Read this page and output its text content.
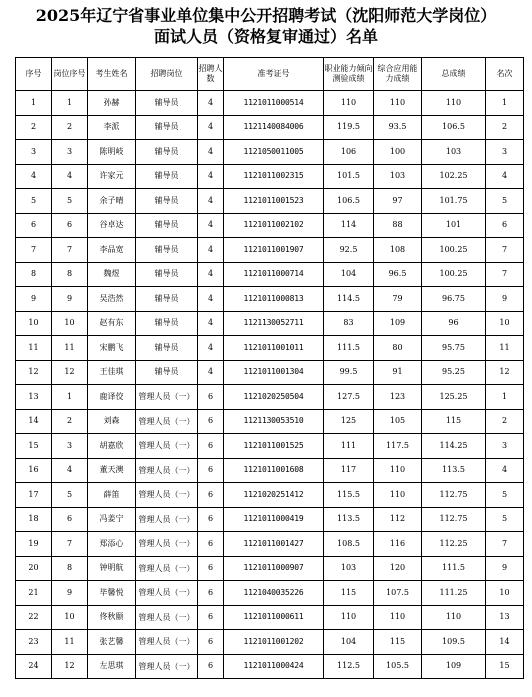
2025年辽宁省事业单位集中公开招聘考试（沈阳师范大学岗位）
面试人员（资格复审通过）名单
序号	岗位序号	考生姓名	招聘岗位	招聘人数	准考证号	职业能力倾向测验成绩	综合应用能力成绩	总成绩	名次
1	1	孙赫	辅导员	4	1121011000514	110	110	110	1
2	2	李派	辅导员	4	1121140084006	119.5	93.5	106.5	2
3	3	陈明岐	辅导员	4	1121050011005	106	100	103	3
4	4	许家元	辅导员	4	1121011002315	101.5	103	102.25	4
5	5	余子晴	辅导员	4	1121011001523	106.5	97	101.75	5
6	6	谷卓达	辅导员	4	1121011002102	114	88	101	6
7	7	李品宽	辅导员	4	1121011001907	92.5	108	100.25	7
8	8	魏煜	辅导员	4	1121011000714	104	96.5	100.25	7
9	9	吴浩然	辅导员	4	1121011000813	114.5	79	96.75	9
10	10	赵有东	辅导员	4	1121130052711	83	109	96	10
11	11	宋鹏飞	辅导员	4	1121011001011	111.5	80	95.75	11
12	12	王佳琪	辅导员	4	1121011001304	99.5	91	95.25	12
13	1	鹿译佼	管理人员（一）	6	1121020250504	127.5	123	125.25	1
14	2	刘森	管理人员（一）	6	1121130053510	125	105	115	2
15	3	胡嘉欣	管理人员（一）	6	1121011001525	111	117.5	114.25	3
16	4	董天澳	管理人员（一）	6	1121011001608	117	110	113.5	4
17	5	薛笛	管理人员（一）	6	1121020251412	115.5	110	112.75	5
18	6	冯姜宁	管理人员（一）	6	1121011000419	113.5	112	112.75	5
19	7	郑添心	管理人员（一）	6	1121011001427	108.5	116	112.25	7
20	8	钟明航	管理人员（一）	6	1121011000907	103	120	111.5	9
21	9	毕馨悦	管理人员（一）	6	1121040035226	115	107.5	111.25	10
22	10	佟秋颐	管理人员（一）	6	1121011000611	110	110	110	13
23	11	张艺馨	管理人员（一）	6	1121011001202	104	115	109.5	14
24	12	左思琪	管理人员（一）	6	1121011000424	112.5	105.5	109	15
